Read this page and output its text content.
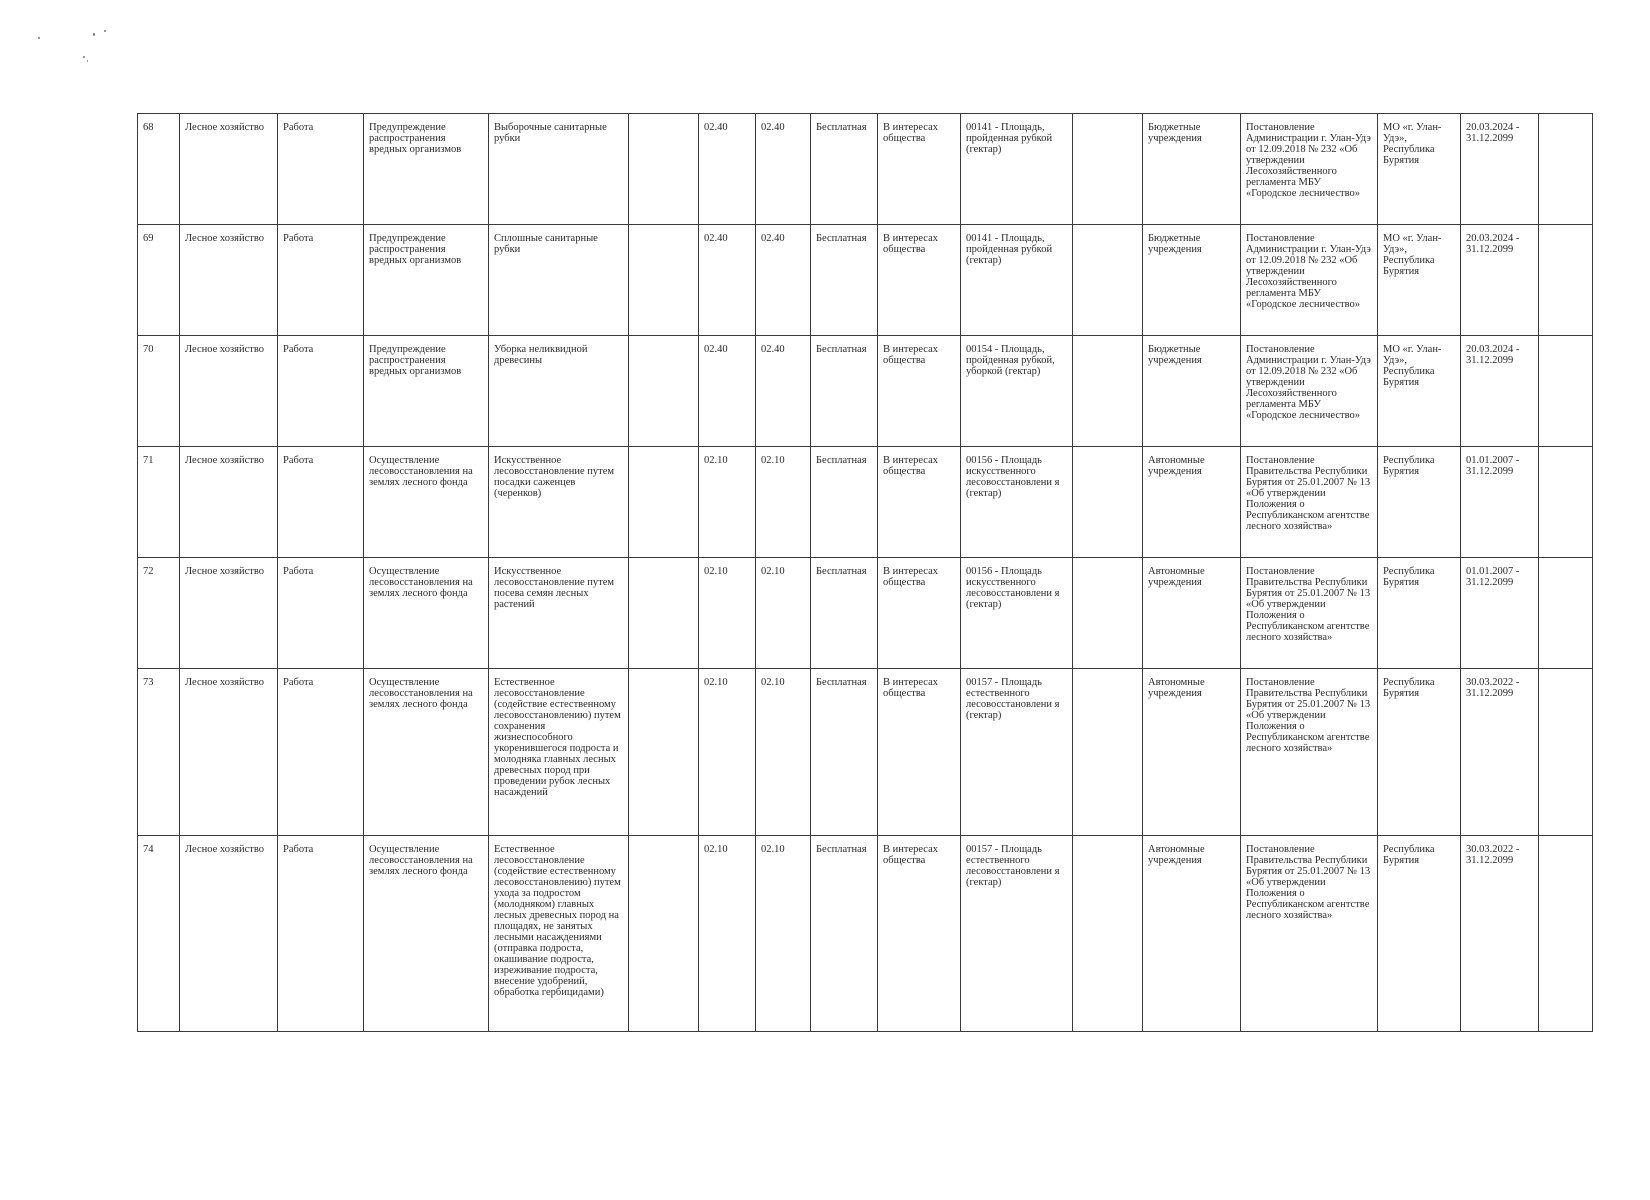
68	Лесное хозяйство	Работа	Предупреждение распространения вредных организмов	Выборочные санитарные рубки		02.40	02.40	Бесплатная	В интересах общества	00141 - Площадь, пройденная рубкой (гектар)		Бюджетные учреждения	Постановление Администрации г. Улан-Удэ от 12.09.2018 № 232 «Об утверждении Лесохозяйственного регламента МБУ «Городское лесничество»	МО «г. Улан-Удэ», Республика Бурятия	20.03.2024 - 31.12.2099	
69	Лесное хозяйство	Работа	Предупреждение распространения вредных организмов	Сплошные санитарные рубки		02.40	02.40	Бесплатная	В интересах общества	00141 - Площадь, пройденная рубкой (гектар)		Бюджетные учреждения	Постановление Администрации г. Улан-Удэ от 12.09.2018 № 232 «Об утверждении Лесохозяйственного регламента МБУ «Городское лесничество»	МО «г. Улан-Удэ», Республика Бурятия	20.03.2024 - 31.12.2099	
70	Лесное хозяйство	Работа	Предупреждение распространения вредных организмов	Уборка неликвидной древесины		02.40	02.40	Бесплатная	В интересах общества	00154 - Площадь, пройденная рубкой, уборкой (гектар)		Бюджетные учреждения	Постановление Администрации г. Улан-Удэ от 12.09.2018 № 232 «Об утверждении Лесохозяйственного регламента МБУ «Городское лесничество»	МО «г. Улан-Удэ», Республика Бурятия	20.03.2024 - 31.12.2099	
71	Лесное хозяйство	Работа	Осуществление лесовосстановления на землях лесного фонда	Искусственное лесовосстановление путем посадки саженцев (черенков)		02.10	02.10	Бесплатная	В интересах общества	00156 - Площадь искусственного лесовосстановлени я (гектар)		Автономные учреждения	Постановление Правительства Республики Бурятия от 25.01.2007 № 13 «Об утверждении Положения о Республиканском агентстве лесного хозяйства»	Республика Бурятия	01.01.2007 - 31.12.2099	
72	Лесное хозяйство	Работа	Осуществление лесовосстановления на землях лесного фонда	Искусственное лесовосстановление путем посева семян лесных растений		02.10	02.10	Бесплатная	В интересах общества	00156 - Площадь искусственного лесовосстановлени я (гектар)		Автономные учреждения	Постановление Правительства Республики Бурятия от 25.01.2007 № 13 «Об утверждении Положения о Республиканском агентстве лесного хозяйства»	Республика Бурятия	01.01.2007 - 31.12.2099	
73	Лесное хозяйство	Работа	Осуществление лесовосстановления на землях лесного фонда	Естественное лесовосстановление (содействие естественному лесовосстановлению) путем сохранения жизнеспособного укоренившегося подроста и молодняка главных лесных древесных пород при проведении рубок лесных насаждений		02.10	02.10	Бесплатная	В интересах общества	00157 - Площадь естественного лесовосстановлени я (гектар)		Автономные учреждения	Постановление Правительства Республики Бурятия от 25.01.2007 № 13 «Об утверждении Положения о Республиканском агентстве лесного хозяйства»	Республика Бурятия	30.03.2022 - 31.12.2099	
74	Лесное хозяйство	Работа	Осуществление лесовосстановления на землях лесного фонда	Естественное лесовосстановление (содействие естественному лесовосстановлению) путем ухода за подростом (молодняком) главных лесных древесных пород на площадях, не занятых лесными насаждениями (отправка подроста, окашивание подроста, изреживание подроста, внесение удобрений, обработка гербицидами)		02.10	02.10	Бесплатная	В интересах общества	00157 - Площадь естественного лесовосстановлени я (гектар)		Автономные учреждения	Постановление Правительства Республики Бурятия от 25.01.2007 № 13 «Об утверждении Положения о Республиканском агентстве лесного хозяйства»	Республика Бурятия	30.03.2022 - 31.12.2099	
